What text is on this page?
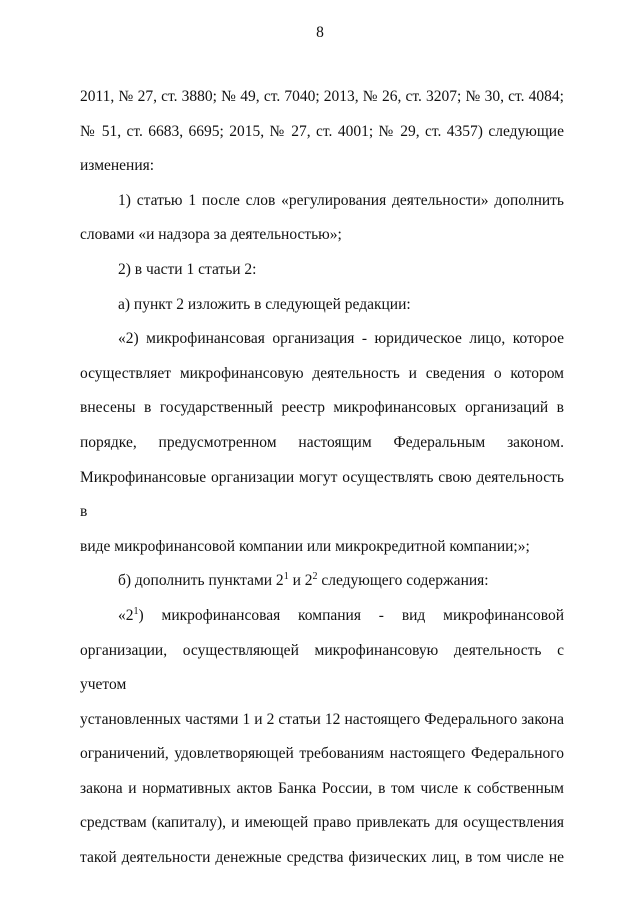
8
2011, № 27, ст. 3880; № 49, ст. 7040; 2013, № 26, ст. 3207; № 30, ст. 4084;
№ 51, ст. 6683, 6695; 2015, № 27, ст. 4001; № 29, ст. 4357) следующие
изменения:
1) статью 1 после слов «регулирования деятельности» дополнить
словами «и надзора за деятельностью»;
2) в части 1 статьи 2:
а) пункт 2 изложить в следующей редакции:
«2) микрофинансовая организация - юридическое лицо, которое
осуществляет микрофинансовую деятельность и сведения о котором
внесены в государственный реестр микрофинансовых организаций в
порядке, предусмотренном настоящим Федеральным законом.
Микрофинансовые организации могут осуществлять свою деятельность в
виде микрофинансовой компании или микрокредитной компании;»;
б) дополнить пунктами $2^1$ и $2^2$ следующего содержания:
«$2^1$) микрофинансовая компания - вид микрофинансовой
организации, осуществляющей микрофинансовую деятельность с учетом
установленных частями 1 и 2 статьи 12 настоящего Федерального закона
ограничений, удовлетворяющей требованиям настоящего Федерального
закона и нормативных актов Банка России, в том числе к собственным
средствам (капиталу), и имеющей право привлекать для осуществления
такой деятельности денежные средства физических лиц, в том числе не
